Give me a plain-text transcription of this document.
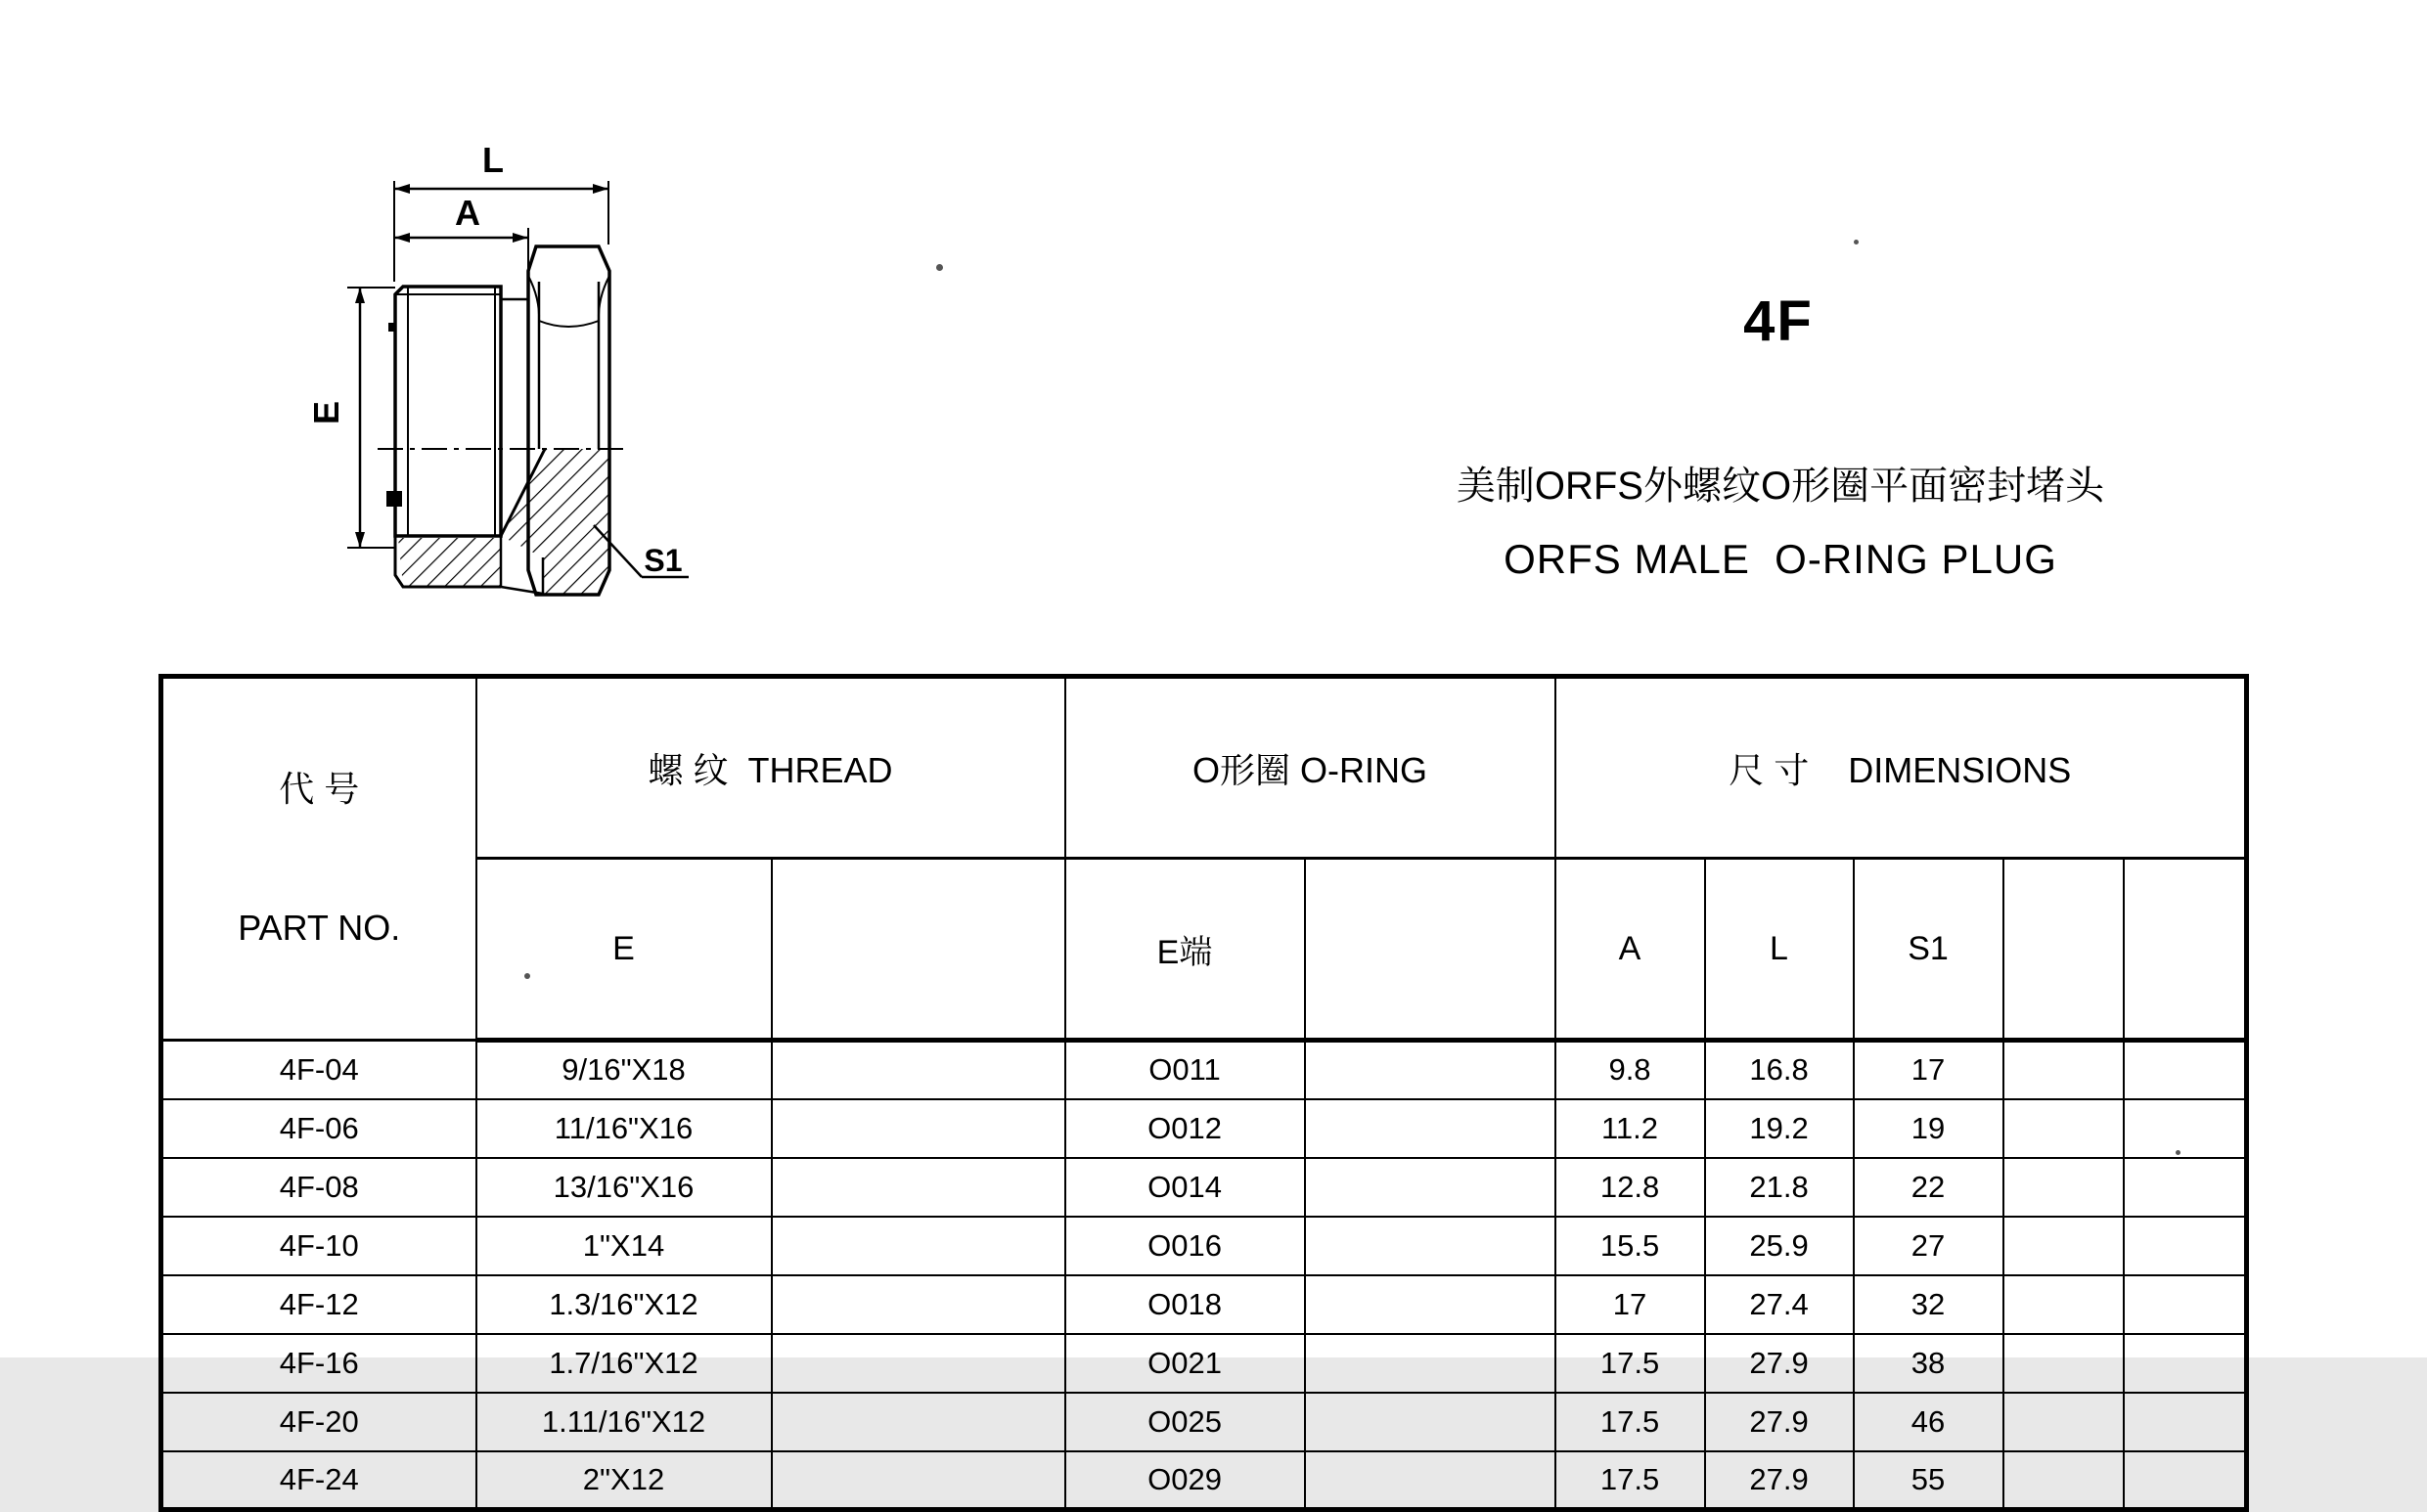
L
A
E
S1
4F
美制ORFS外螺纹O形圈平面密封堵头
ORFS MALE  O-RING PLUG

代 号

PART NO.	螺 纹  THREAD		O形圈 O-RING		尺 寸    DIMENSIONS				
	E		E端		A	L	S1		
4F-04	9/16"X18		O011		9.8	16.8	17		
4F-06	11/16"X16		O012		11.2	19.2	19		
4F-08	13/16"X16		O014		12.8	21.8	22		
4F-10	1"X14		O016		15.5	25.9	27		
4F-12	1.3/16"X12		O018		17	27.4	32		
4F-16	1.7/16"X12		O021		17.5	27.9	38		
4F-20	1.11/16"X12		O025		17.5	27.9	46		
4F-24	2"X12		O029		17.5	27.9	55		
